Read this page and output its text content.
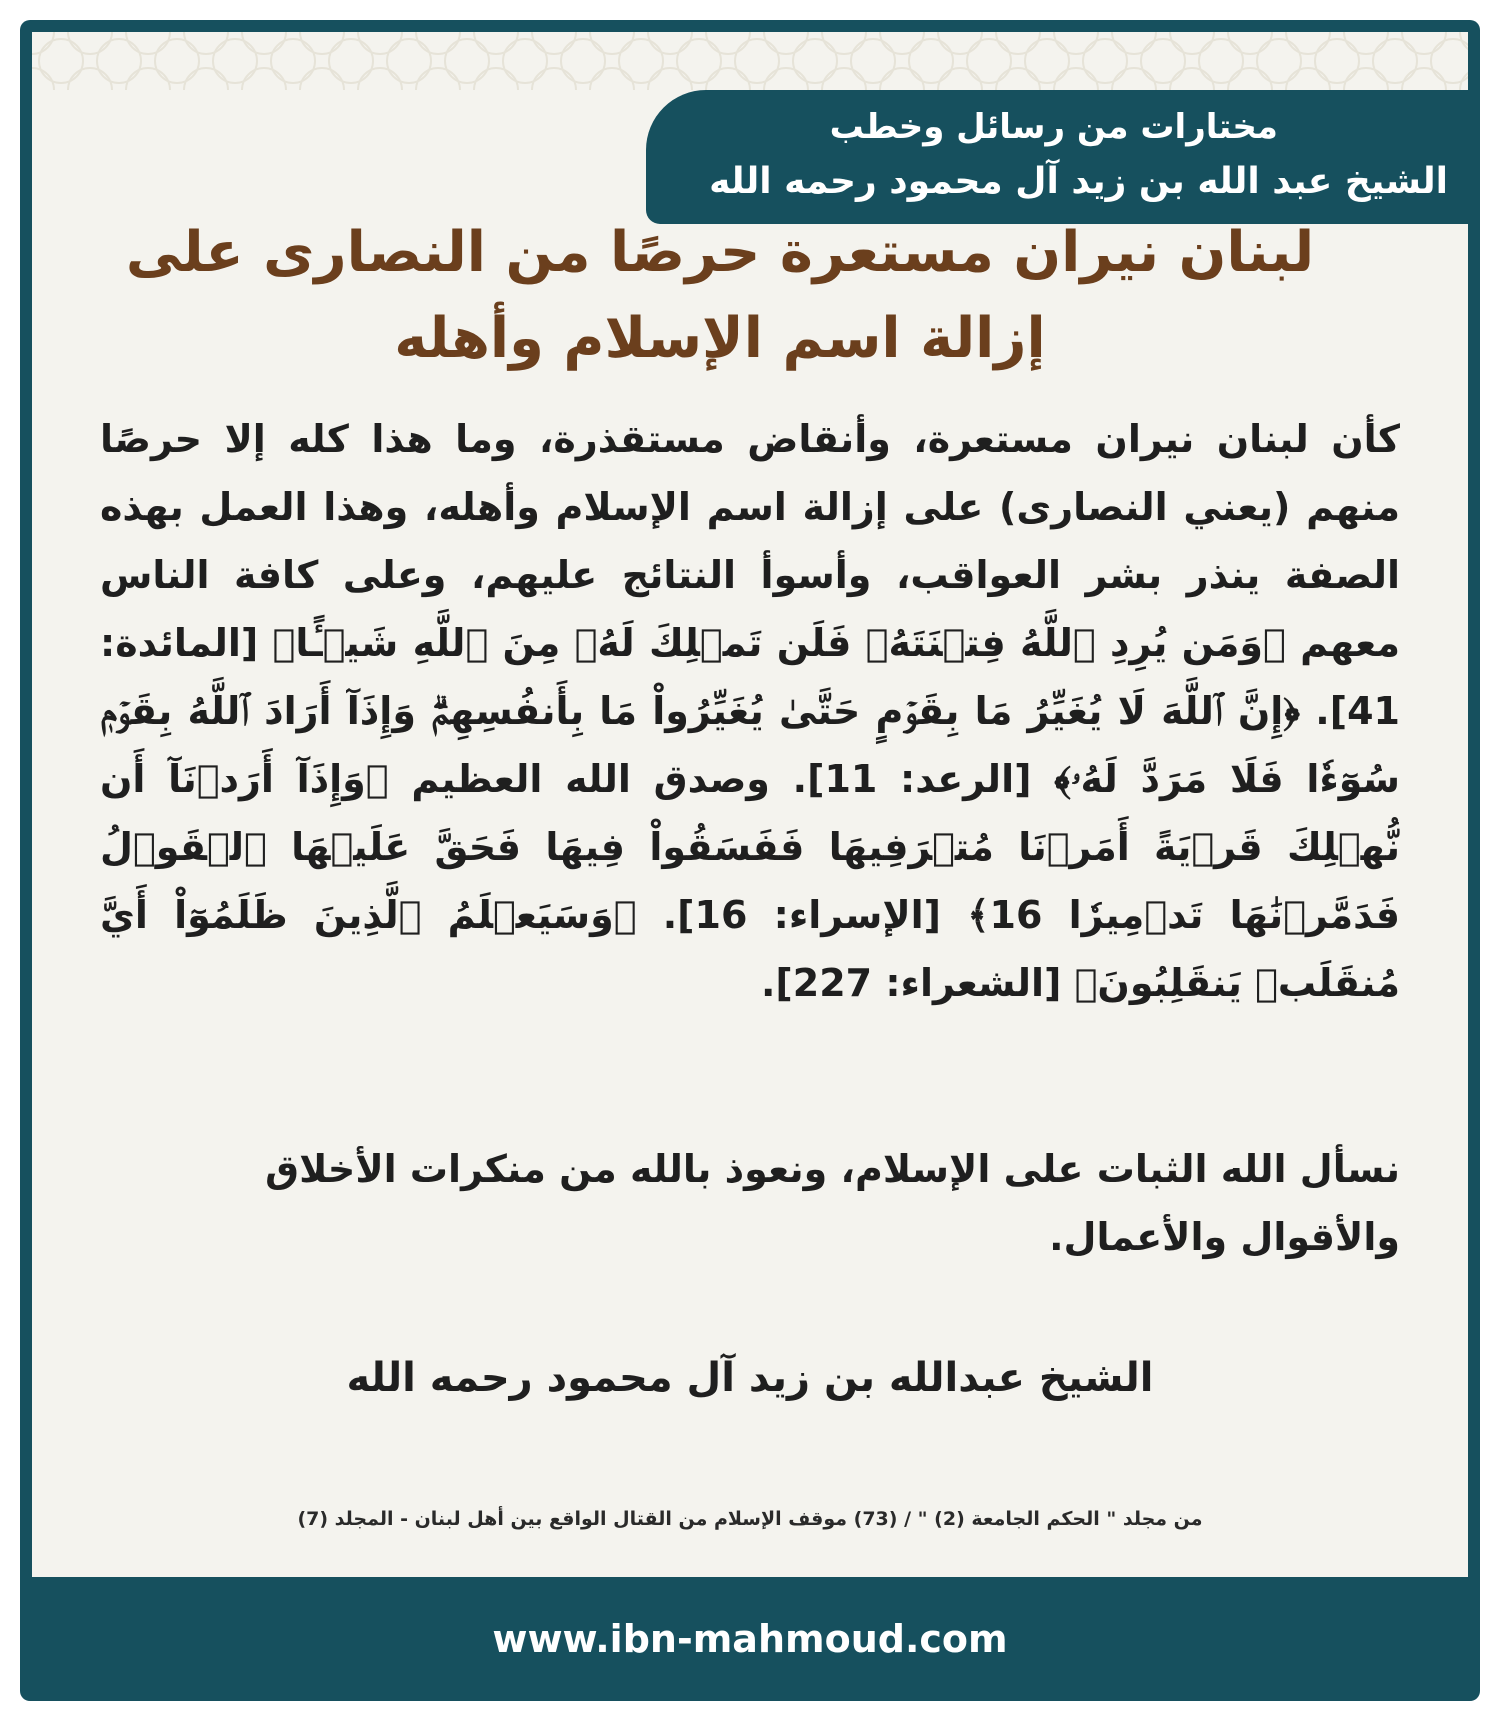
مختارات من رسائل وخطب
الشيخ عبد الله بن زيد آل محمود رحمه الله
لبنان نيران مستعرة حرصًا من النصارى على إزالة اسم الإسلام وأهله
كأن لبنان نيران مستعرة، وأنقاض مستقذرة، وما هذا كله إلا حرصًا منهم (يعني النصارى) على إزالة اسم الإسلام وأهله، وهذا العمل بهذه الصفة ينذر بشر العواقب، وأسوأ النتائج عليهم، وعلى كافة الناس معهم ﴿وَمَن يُرِدِ ٱللَّهُ فِتۡنَتَهُۥ فَلَن تَمۡلِكَ لَهُۥ مِنَ ٱللَّهِ شَيۡـًٔا﴾ [المائدة: 41]. ﴿إِنَّ ٱللَّهَ لَا يُغَيِّرُ مَا بِقَوۡمٍ حَتَّىٰ يُغَيِّرُواْ مَا بِأَنفُسِهِمۡۗ وَإِذَآ أَرَادَ ٱللَّهُ بِقَوۡمٖ سُوٓءٗا فَلَا مَرَدَّ لَهُۥ﴾ [الرعد: 11]. وصدق الله العظيم ﴿وَإِذَآ أَرَدۡنَآ أَن نُّهۡلِكَ قَرۡيَةً أَمَرۡنَا مُتۡرَفِيهَا فَفَسَقُواْ فِيهَا فَحَقَّ عَلَيۡهَا ٱلۡقَوۡلُ فَدَمَّرۡنَٰهَا تَدۡمِيرٗا 16﴾ [الإسراء: 16]. ﴿وَسَيَعۡلَمُ ٱلَّذِينَ ظَلَمُوٓاْ أَيَّ مُنقَلَبٖ يَنقَلِبُونَ﴾ [الشعراء: 227].
نسأل الله الثبات على الإسلام، ونعوذ بالله من منكرات الأخلاق والأقوال والأعمال.
الشيخ عبدالله بن زيد آل محمود رحمه الله
من مجلد " الحكم الجامعة (2) " / (73) موقف الإسلام من القتال الواقع بين أهل لبنان - المجلد (7)
www.ibn-mahmoud.com
